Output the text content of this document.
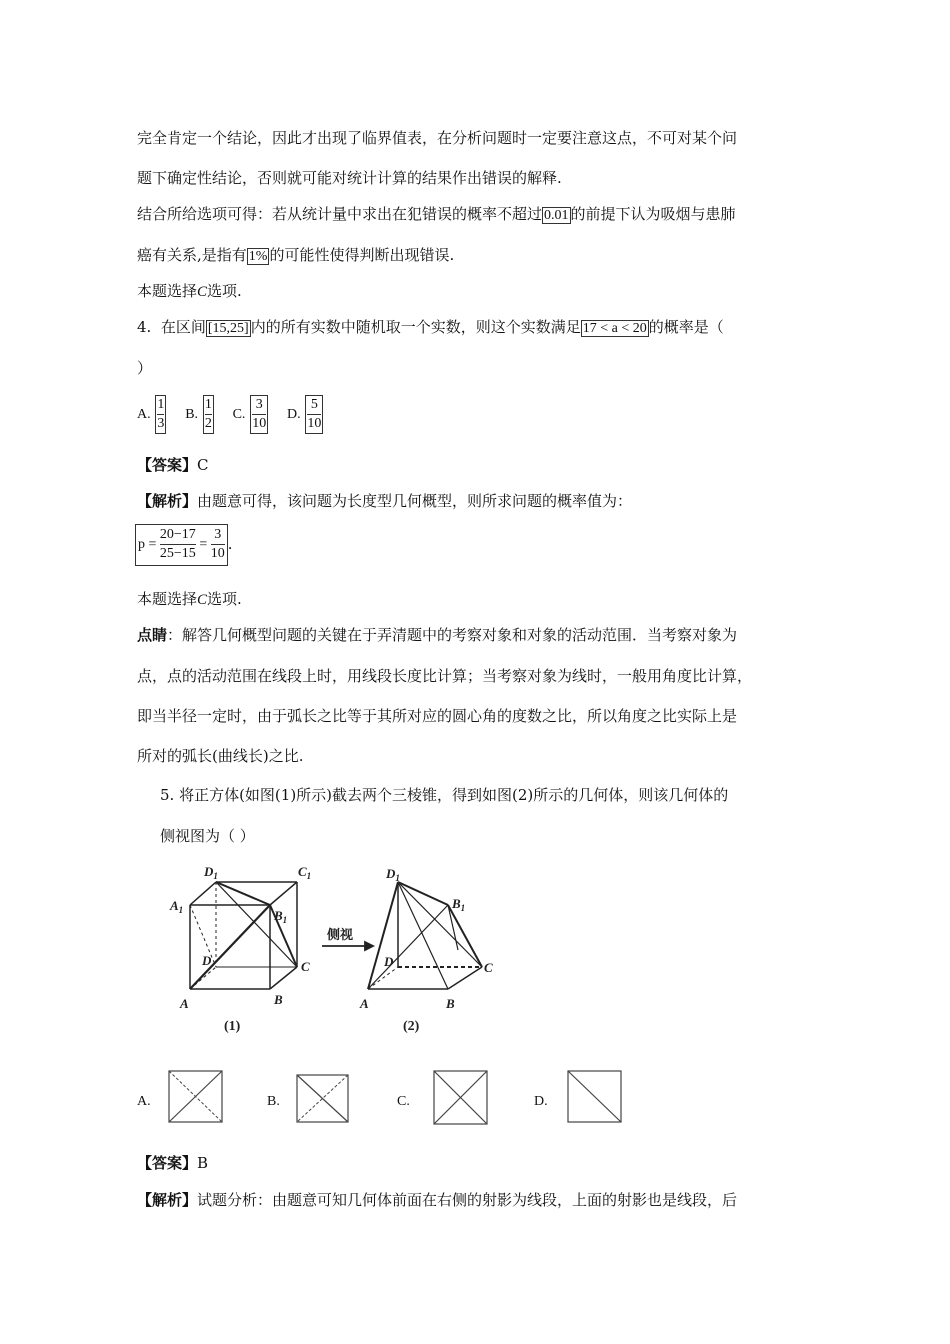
完全肯定一个结论，因此才出现了临界值表，在分析问题时一定要注意这点，不可对某个问
题下确定性结论，否则就可能对统计计算的结果作出错误的解释.
结合所给选项可得：若从统计量中求出在犯错误的概率不超过 0.01 的前提下认为吸烟与患肺
癌有关系,是指有 1% 的可能性使得判断出现错误.
本题选择C选项.
4. 在区间 [15,25] 内的所有实数中随机取一个实数，则这个实数满足 17 < a < 20 的概率是（
）
A. $\frac{1}{3} B$. $\frac{1}{2} C$. $\frac{3}{10} D$. $\frac{5}{10}$
【答案】C
【解析】由题意可得，该问题为长度型几何概型，则所求问题的概率值为：
$p = \frac{20-17}{25-15} = \frac{3}{10}$ .
本题选择C选项.
点睛：解答几何概型问题的关键在于弄清题中的考察对象和对象的活动范围．当考察对象为
点，点的活动范围在线段上时，用线段长度比计算；当考察对象为线时，一般用角度比计算，
即当半径一定时，由于弧长之比等于其所对应的圆心角的度数之比，所以角度之比实际上是
所对的弧长(曲线长)之比.
5. 将正方体(如图(1)所示)截去两个三棱锥，得到如图(2)所示的几何体，则该几何体的
侧视图为（ ）
$D_1$	$C_1$
$A_1$	$B_1$
D	C
A	B
(1)
侧视
$D_1$
$B_1$
D	C
A	B
(2)
A.	B.	C.	D.
【答案】B
【解析】试题分析：由题意可知几何体前面在右侧的射影为线段，上面的射影也是线段，后
